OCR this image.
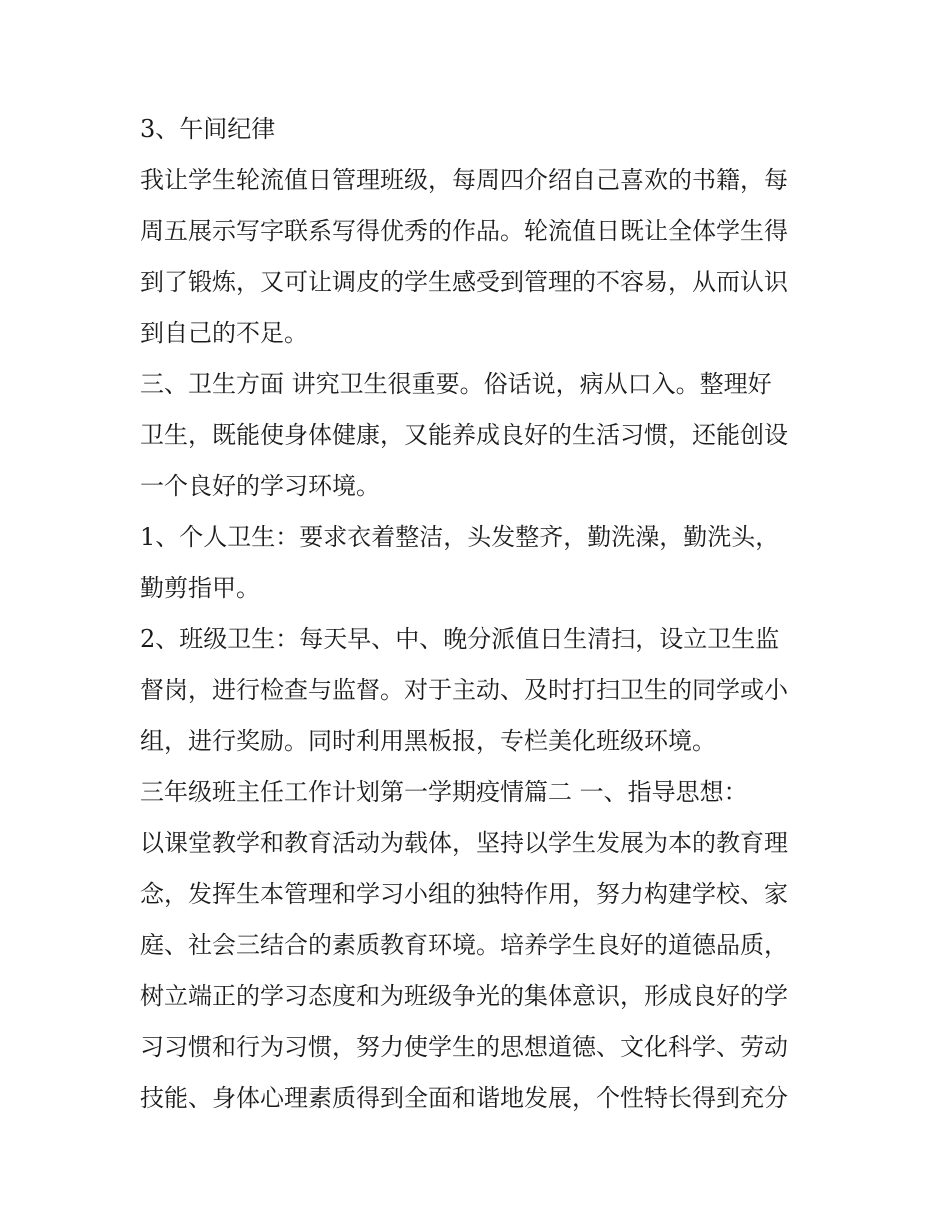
3、午间纪律
我让学生轮流值日管理班级，每周四介绍自己喜欢的书籍，每
周五展示写字联系写得优秀的作品。轮流值日既让全体学生得
到了锻炼，又可让调皮的学生感受到管理的不容易，从而认识
到自己的不足。
三、卫生方面 讲究卫生很重要。俗话说，病从口入。整理好
卫生，既能使身体健康，又能养成良好的生活习惯，还能创设
一个良好的学习环境。
1、个人卫生：要求衣着整洁，头发整齐，勤洗澡，勤洗头，
勤剪指甲。
2、班级卫生：每天早、中、晚分派值日生清扫，设立卫生监
督岗，进行检查与监督。对于主动、及时打扫卫生的同学或小
组，进行奖励。同时利用黑板报，专栏美化班级环境。
三年级班主任工作计划第一学期疫情篇二 一、指导思想：
以课堂教学和教育活动为载体，坚持以学生发展为本的教育理
念，发挥生本管理和学习小组的独特作用，努力构建学校、家
庭、社会三结合的素质教育环境。培养学生良好的道德品质，
树立端正的学习态度和为班级争光的集体意识，形成良好的学
习习惯和行为习惯，努力使学生的思想道德、文化科学、劳动
技能、身体心理素质得到全面和谐地发展，个性特长得到充分
